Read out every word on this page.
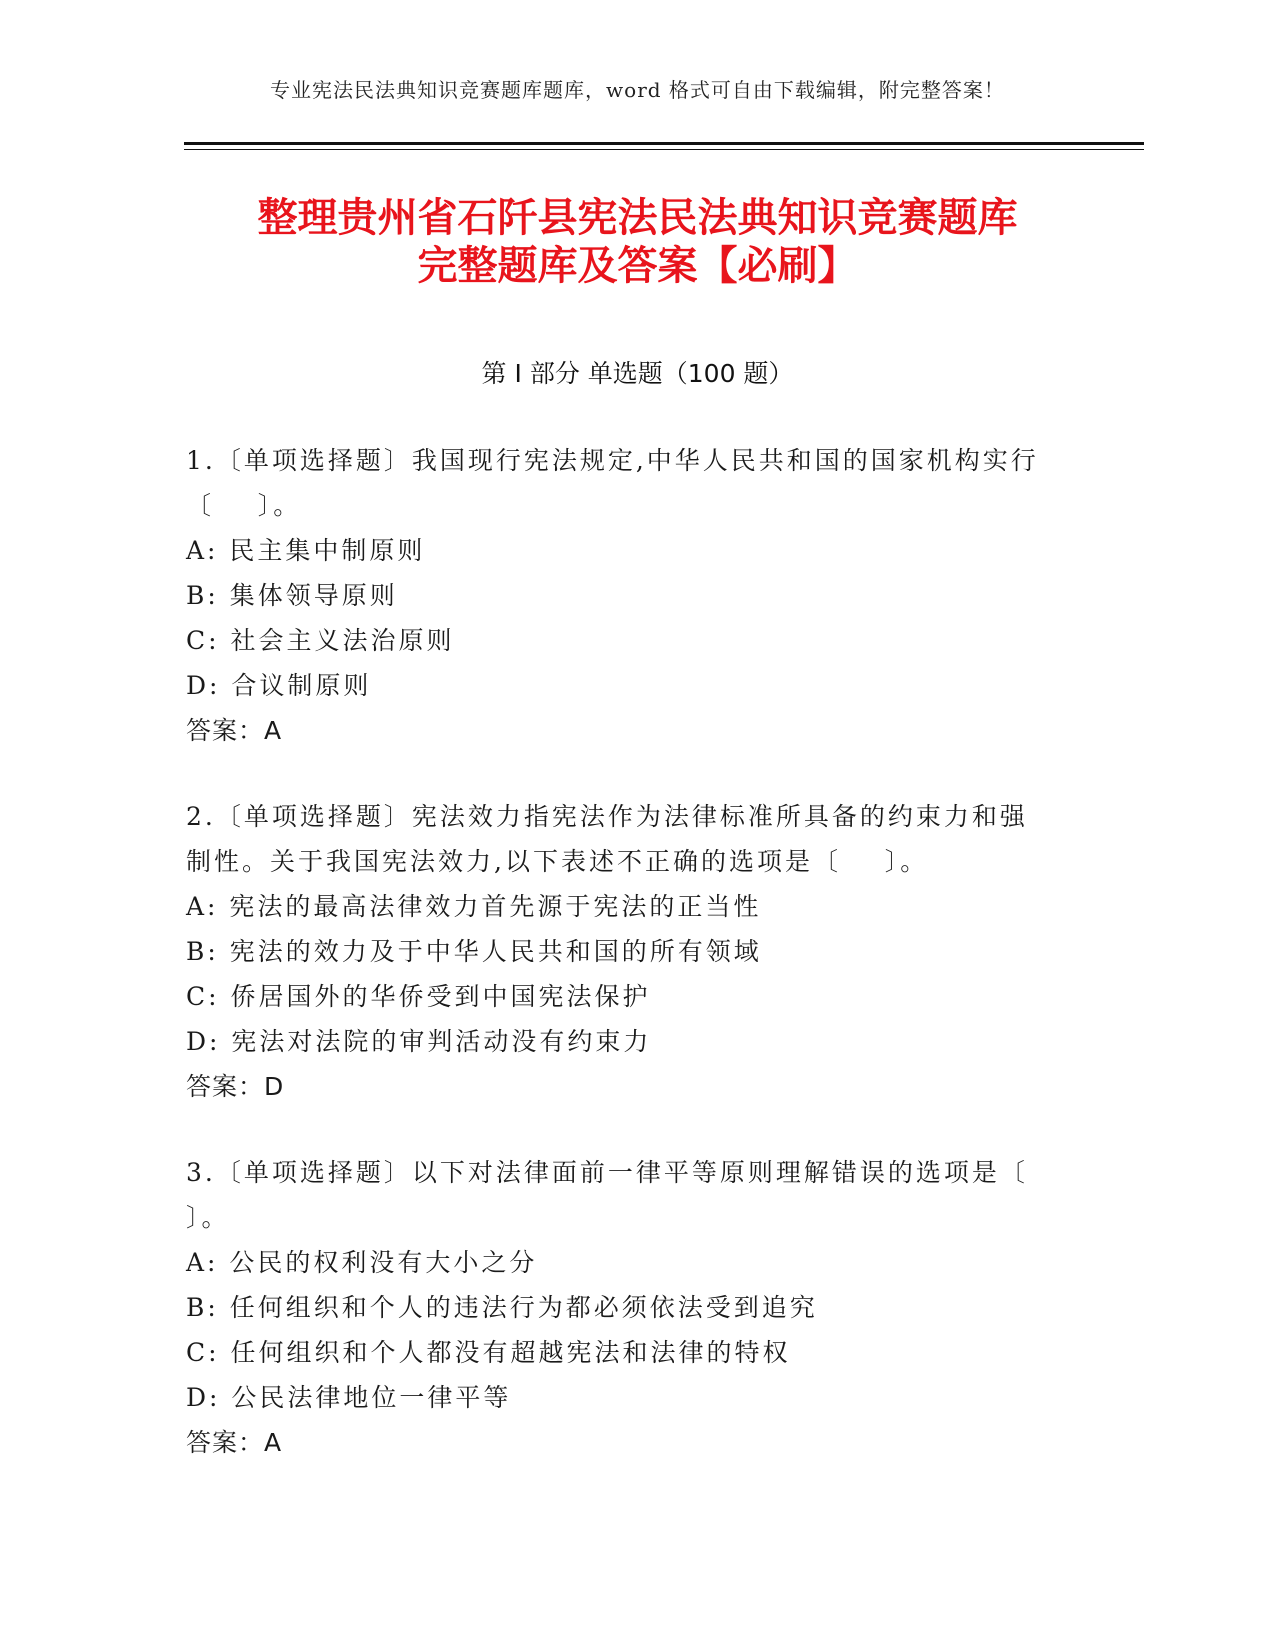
专业宪法民法典知识竞赛题库题库，word 格式可自由下载编辑，附完整答案！
整理贵州省石阡县宪法民法典知识竞赛题库
完整题库及答案【必刷】
第 I 部分 单选题（100 题）
1.〔单项选择题〕我国现行宪法规定,中华人民共和国的国家机构实行
〔    〕。
A: 民主集中制原则
B: 集体领导原则
C: 社会主义法治原则
D: 合议制原则
答案：A
2.〔单项选择题〕宪法效力指宪法作为法律标准所具备的约束力和强
制性。关于我国宪法效力,以下表述不正确的选项是〔    〕。
A: 宪法的最高法律效力首先源于宪法的正当性
B: 宪法的效力及于中华人民共和国的所有领域
C: 侨居国外的华侨受到中国宪法保护
D: 宪法对法院的审判活动没有约束力
答案：D
3.〔单项选择题〕以下对法律面前一律平等原则理解错误的选项是〔
〕。
A: 公民的权利没有大小之分
B: 任何组织和个人的违法行为都必须依法受到追究
C: 任何组织和个人都没有超越宪法和法律的特权
D: 公民法律地位一律平等
答案：A
